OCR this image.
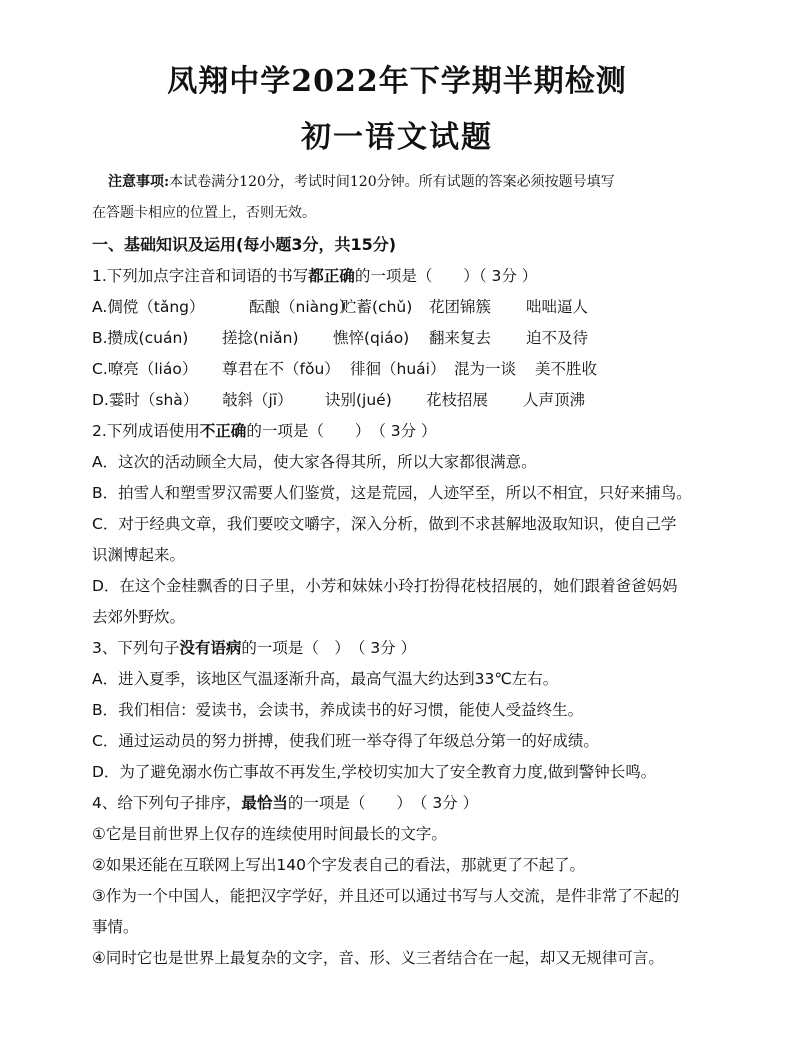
凤翔中学2022年下学期半期检测
初一语文试题
注意事项:本试卷满分120分，考试时间120分钟。所有试题的答案必须按题号填写
在答题卡相应的位置上，否则无效。
一、基础知识及运用(每小题3分，共15分)
1.下列加点字注音和词语的书写都正确的一项是（　　）（ 3分 ）
A.倜傥（tǎng）	酝酿（niàng）
贮蓄(chǔ) 花团锦簇 咄咄逼人
B.攒成(cuán) 搓捻(niǎn) 憔悴(qiáo) 翻来复去 迫不及待
C.嘹亮（liáo） 尊君在不（fǒu） 徘徊（huái） 混为一谈 美不胜收
D.霎时（shà） 攲斜（jī） 诀别(jué) 花枝招展 人声顶沸
2.下列成语使用不正确的一项是（　　）　（ 3分 ）
A．这次的活动顾全大局，使大家各得其所，所以大家都很满意。
B．拍雪人和塑雪罗汉需要人们鉴赏，这是荒园，人迹罕至，所以不相宜，只好来捕鸟。
C．对于经典文章，我们要咬文嚼字，深入分析，做到不求甚解地汲取知识，使自己学
识渊博起来。
D．在这个金桂飘香的日子里，小芳和妹妹小玲打扮得花枝招展的，她们跟着爸爸妈妈
去郊外野炊。
3、下列句子没有语病的一项是（　）　（ 3分 ）
A．进入夏季，该地区气温逐渐升高，最高气温大约达到33℃左右。
B．我们相信：爱读书，会读书，养成读书的好习惯，能使人受益终生。
C．通过运动员的努力拼搏，使我们班一举夺得了年级总分第一的好成绩。
D．为了避免溺水伤亡事故不再发生,学校切实加大了安全教育力度,做到警钟长鸣。
4、给下列句子排序，最恰当的一项是（　　）　（ 3分 ）
①它是目前世界上仅存的连续使用时间最长的文字。
②如果还能在互联网上写出140个字发表自己的看法，那就更了不起了。
③作为一个中国人，能把汉字学好，并且还可以通过书写与人交流，是件非常了不起的
事情。
④同时它也是世界上最复杂的文字，音、形、义三者结合在一起，却又无规律可言。
